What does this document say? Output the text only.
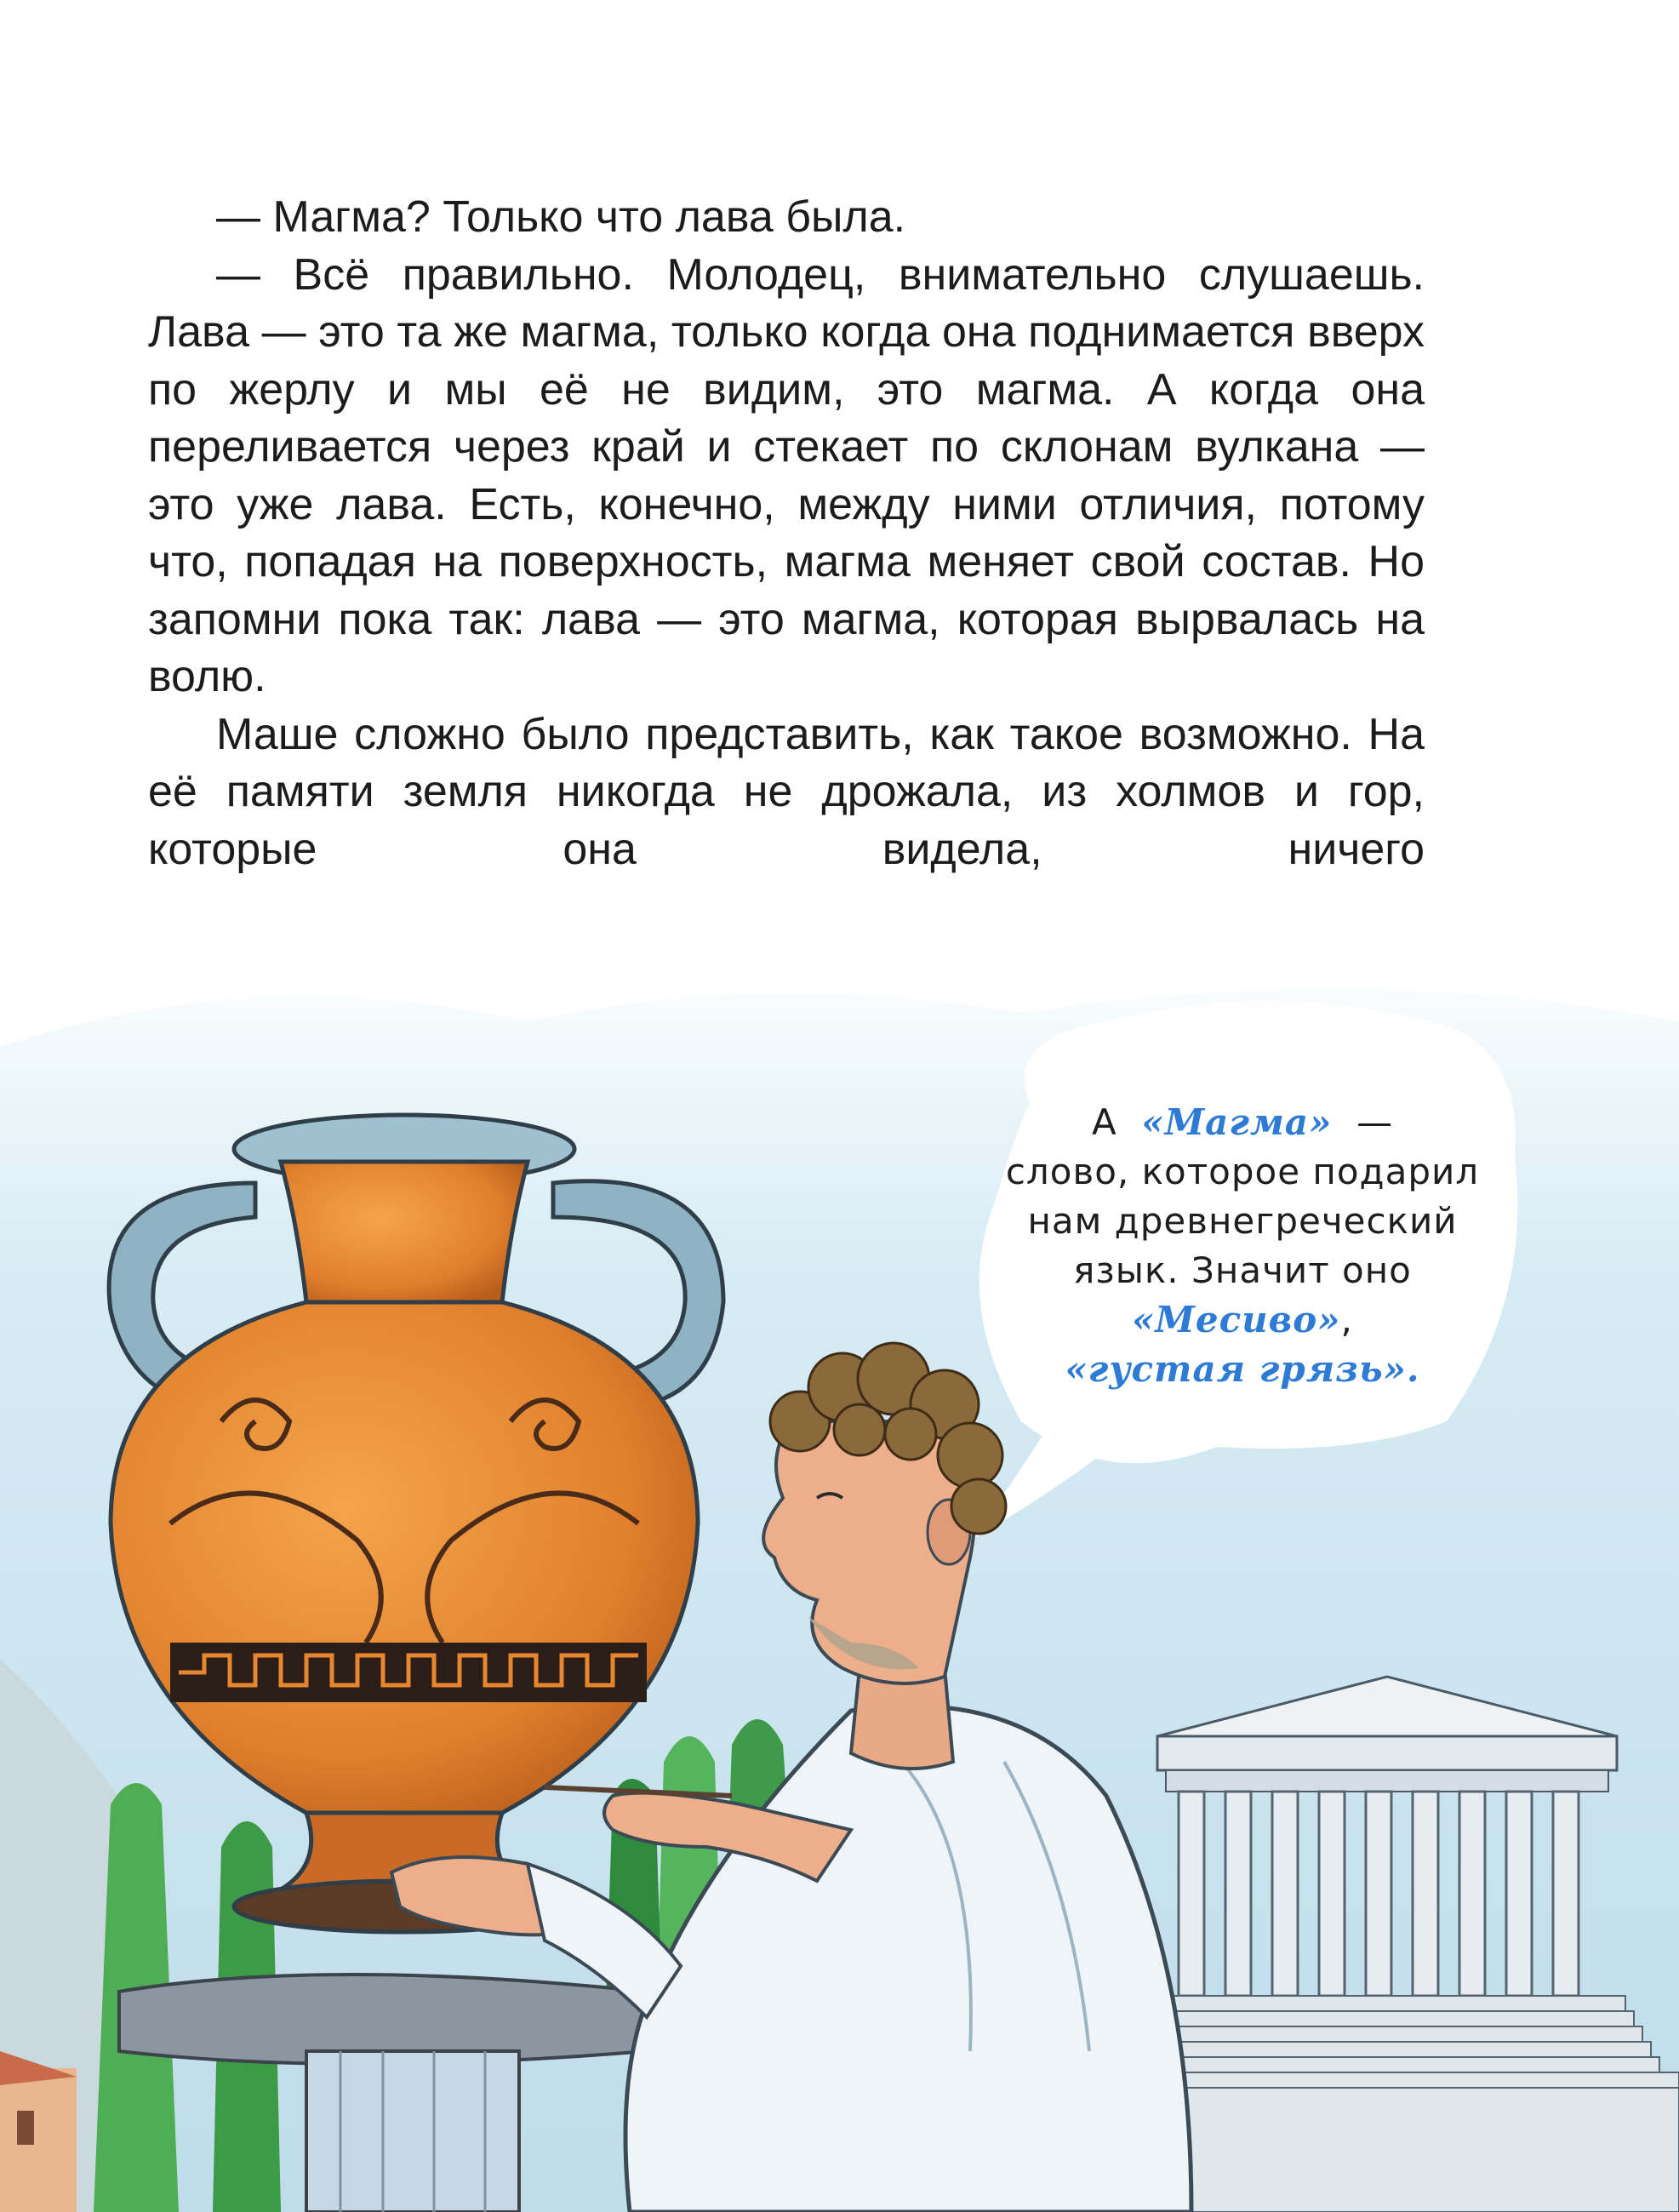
— Магма? Только что лава была.

— Всё правильно. Молодец, внимательно слушаешь. Лава — это та же магма, только когда она поднимается вверх по жерлу и мы её не видим, это магма. А когда она переливается через край и стекает по склонам вулкана — это уже лава. Есть, конечно, между ними отличия, потому что, попадая на поверхность, магма меняет свой состав. Но запомни пока так: лава — это магма, которая вырвалась на волю.

Маше сложно было представить, как такое возможно. На её памяти земля никогда не дрожала, из холмов и гор, которые она видела, ничего

А «Магма» —
слово, которое подарил
нам древнегреческий
язык. Значит оно
«Месиво»,
«густая грязь».
